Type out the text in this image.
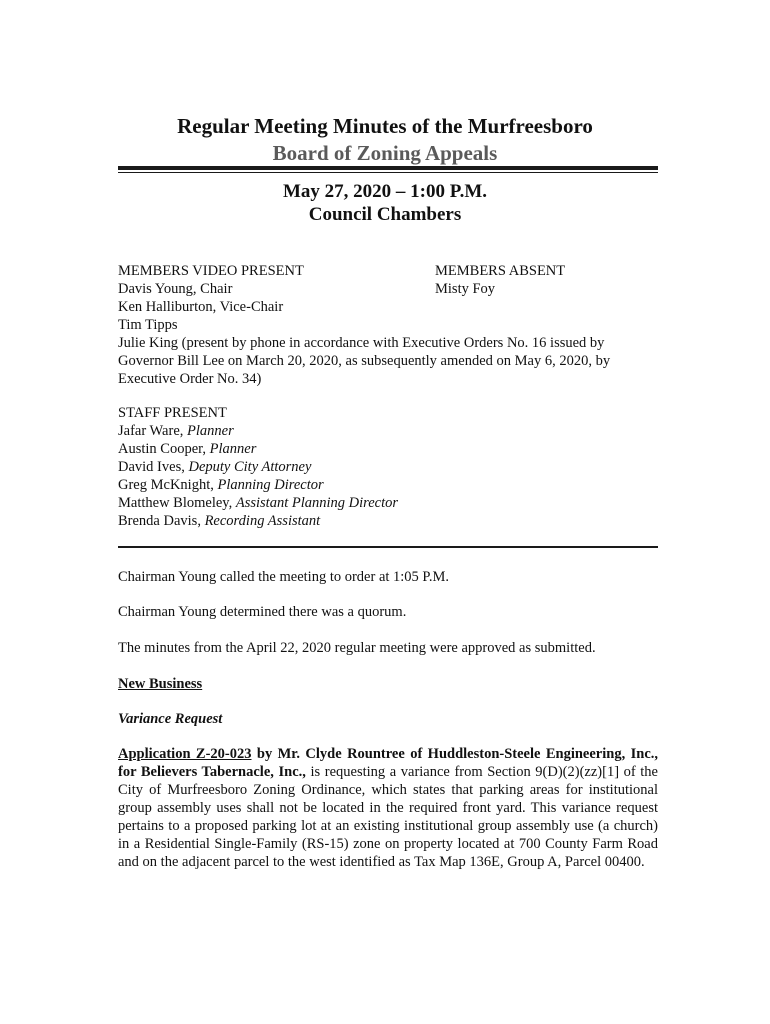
Regular Meeting Minutes of the Murfreesboro
Board of Zoning Appeals
May 27, 2020 – 1:00 P.M.
Council Chambers
MEMBERS VIDEO PRESENT
Davis Young, Chair
Ken Halliburton, Vice-Chair
Tim Tipps
Julie King (present by phone in accordance with Executive Orders No. 16 issued by Governor Bill Lee on March 20, 2020, as subsequently amended on May 6, 2020, by Executive Order No. 34)
MEMBERS ABSENT
Misty Foy
STAFF PRESENT
Jafar Ware, Planner
Austin Cooper, Planner
David Ives, Deputy City Attorney
Greg McKnight, Planning Director
Matthew Blomeley, Assistant Planning Director
Brenda Davis, Recording Assistant
Chairman Young called the meeting to order at 1:05 P.M.
Chairman Young determined there was a quorum.
The minutes from the April 22, 2020 regular meeting were approved as submitted.
New Business
Variance Request
Application Z-20-023 by Mr. Clyde Rountree of Huddleston-Steele Engineering, Inc., for Believers Tabernacle, Inc., is requesting a variance from Section 9(D)(2)(zz)[1] of the City of Murfreesboro Zoning Ordinance, which states that parking areas for institutional group assembly uses shall not be located in the required front yard. This variance request pertains to a proposed parking lot at an existing institutional group assembly use (a church) in a Residential Single-Family (RS-15) zone on property located at 700 County Farm Road and on the adjacent parcel to the west identified as Tax Map 136E, Group A, Parcel 00400.
